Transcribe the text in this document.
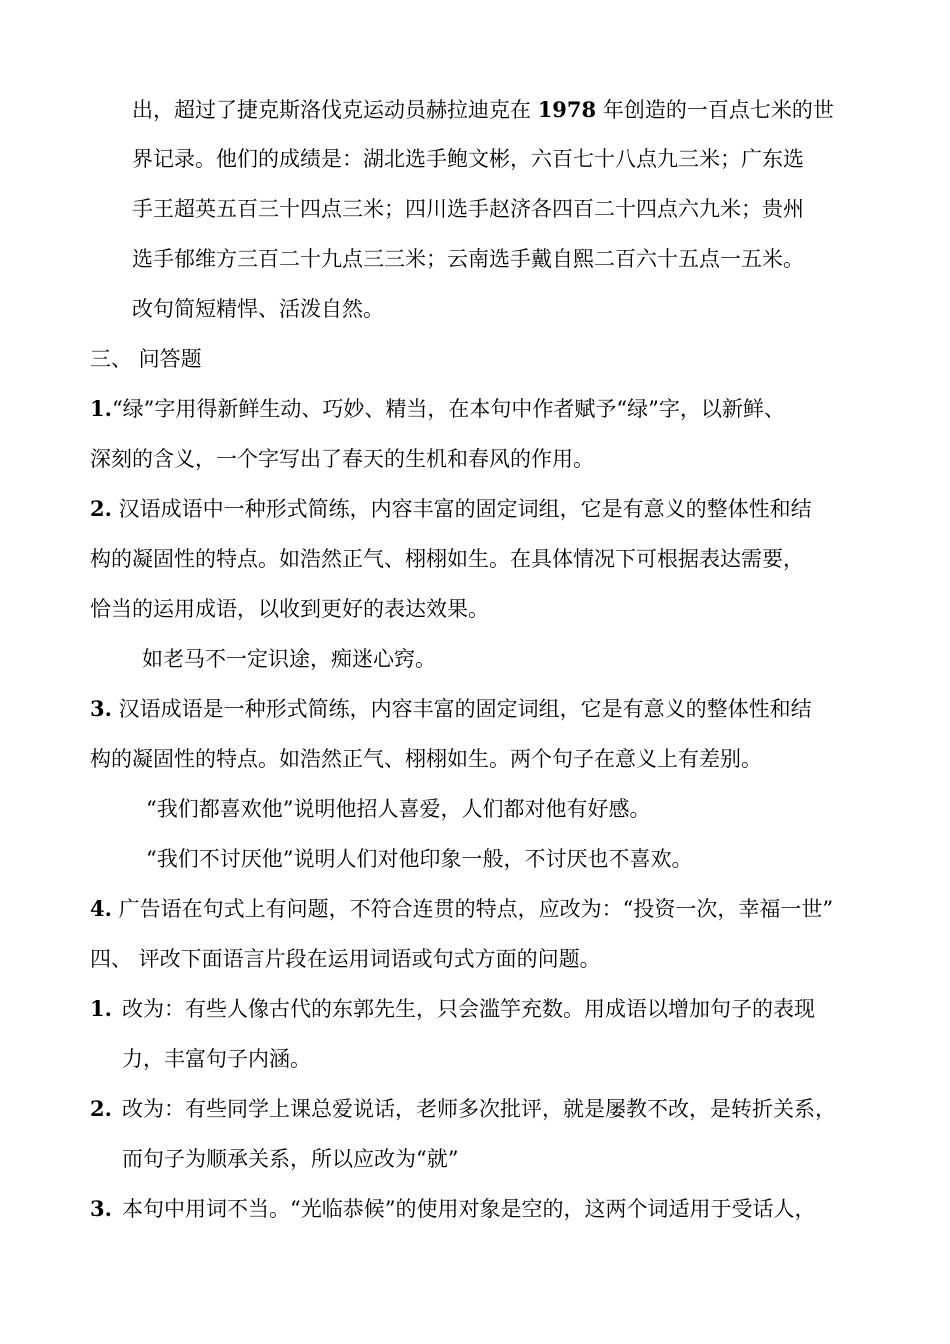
出，超过了捷克斯洛伐克运动员赫拉迪克在 1978 年创造的一百点七米的世
界记录。他们的成绩是：湖北选手鲍文彬，六百七十八点九三米；广东选
手王超英五百三十四点三米；四川选手赵济各四百二十四点六九米；贵州
选手郁维方三百二十九点三三米；云南选手戴自熙二百六十五点一五米。
改句简短精悍、活泼自然。
三、 问答题
1.“绿”字用得新鲜生动、巧妙、精当，在本句中作者赋予“绿”字，以新鲜、
深刻的含义，一个字写出了春天的生机和春风的作用。
2. 汉语成语中一种形式简练，内容丰富的固定词组，它是有意义的整体性和结
构的凝固性的特点。如浩然正气、栩栩如生。在具体情况下可根据表达需要，
恰当的运用成语，以收到更好的表达效果。
如老马不一定识途，痴迷心窍。
3. 汉语成语是一种形式简练，内容丰富的固定词组，它是有意义的整体性和结
构的凝固性的特点。如浩然正气、栩栩如生。两个句子在意义上有差别。
“我们都喜欢他”说明他招人喜爱，人们都对他有好感。
“我们不讨厌他”说明人们对他印象一般，不讨厌也不喜欢。
4. 广告语在句式上有问题，不符合连贯的特点，应改为：“投资一次，幸福一世”
四、 评改下面语言片段在运用词语或句式方面的问题。
1. 改为：有些人像古代的东郭先生，只会滥竽充数。用成语以增加句子的表现
力，丰富句子内涵。
2. 改为：有些同学上课总爱说话，老师多次批评，就是屡教不改，是转折关系，
而句子为顺承关系，所以应改为“就”
3. 本句中用词不当。“光临恭候”的使用对象是空的，这两个词适用于受话人，
